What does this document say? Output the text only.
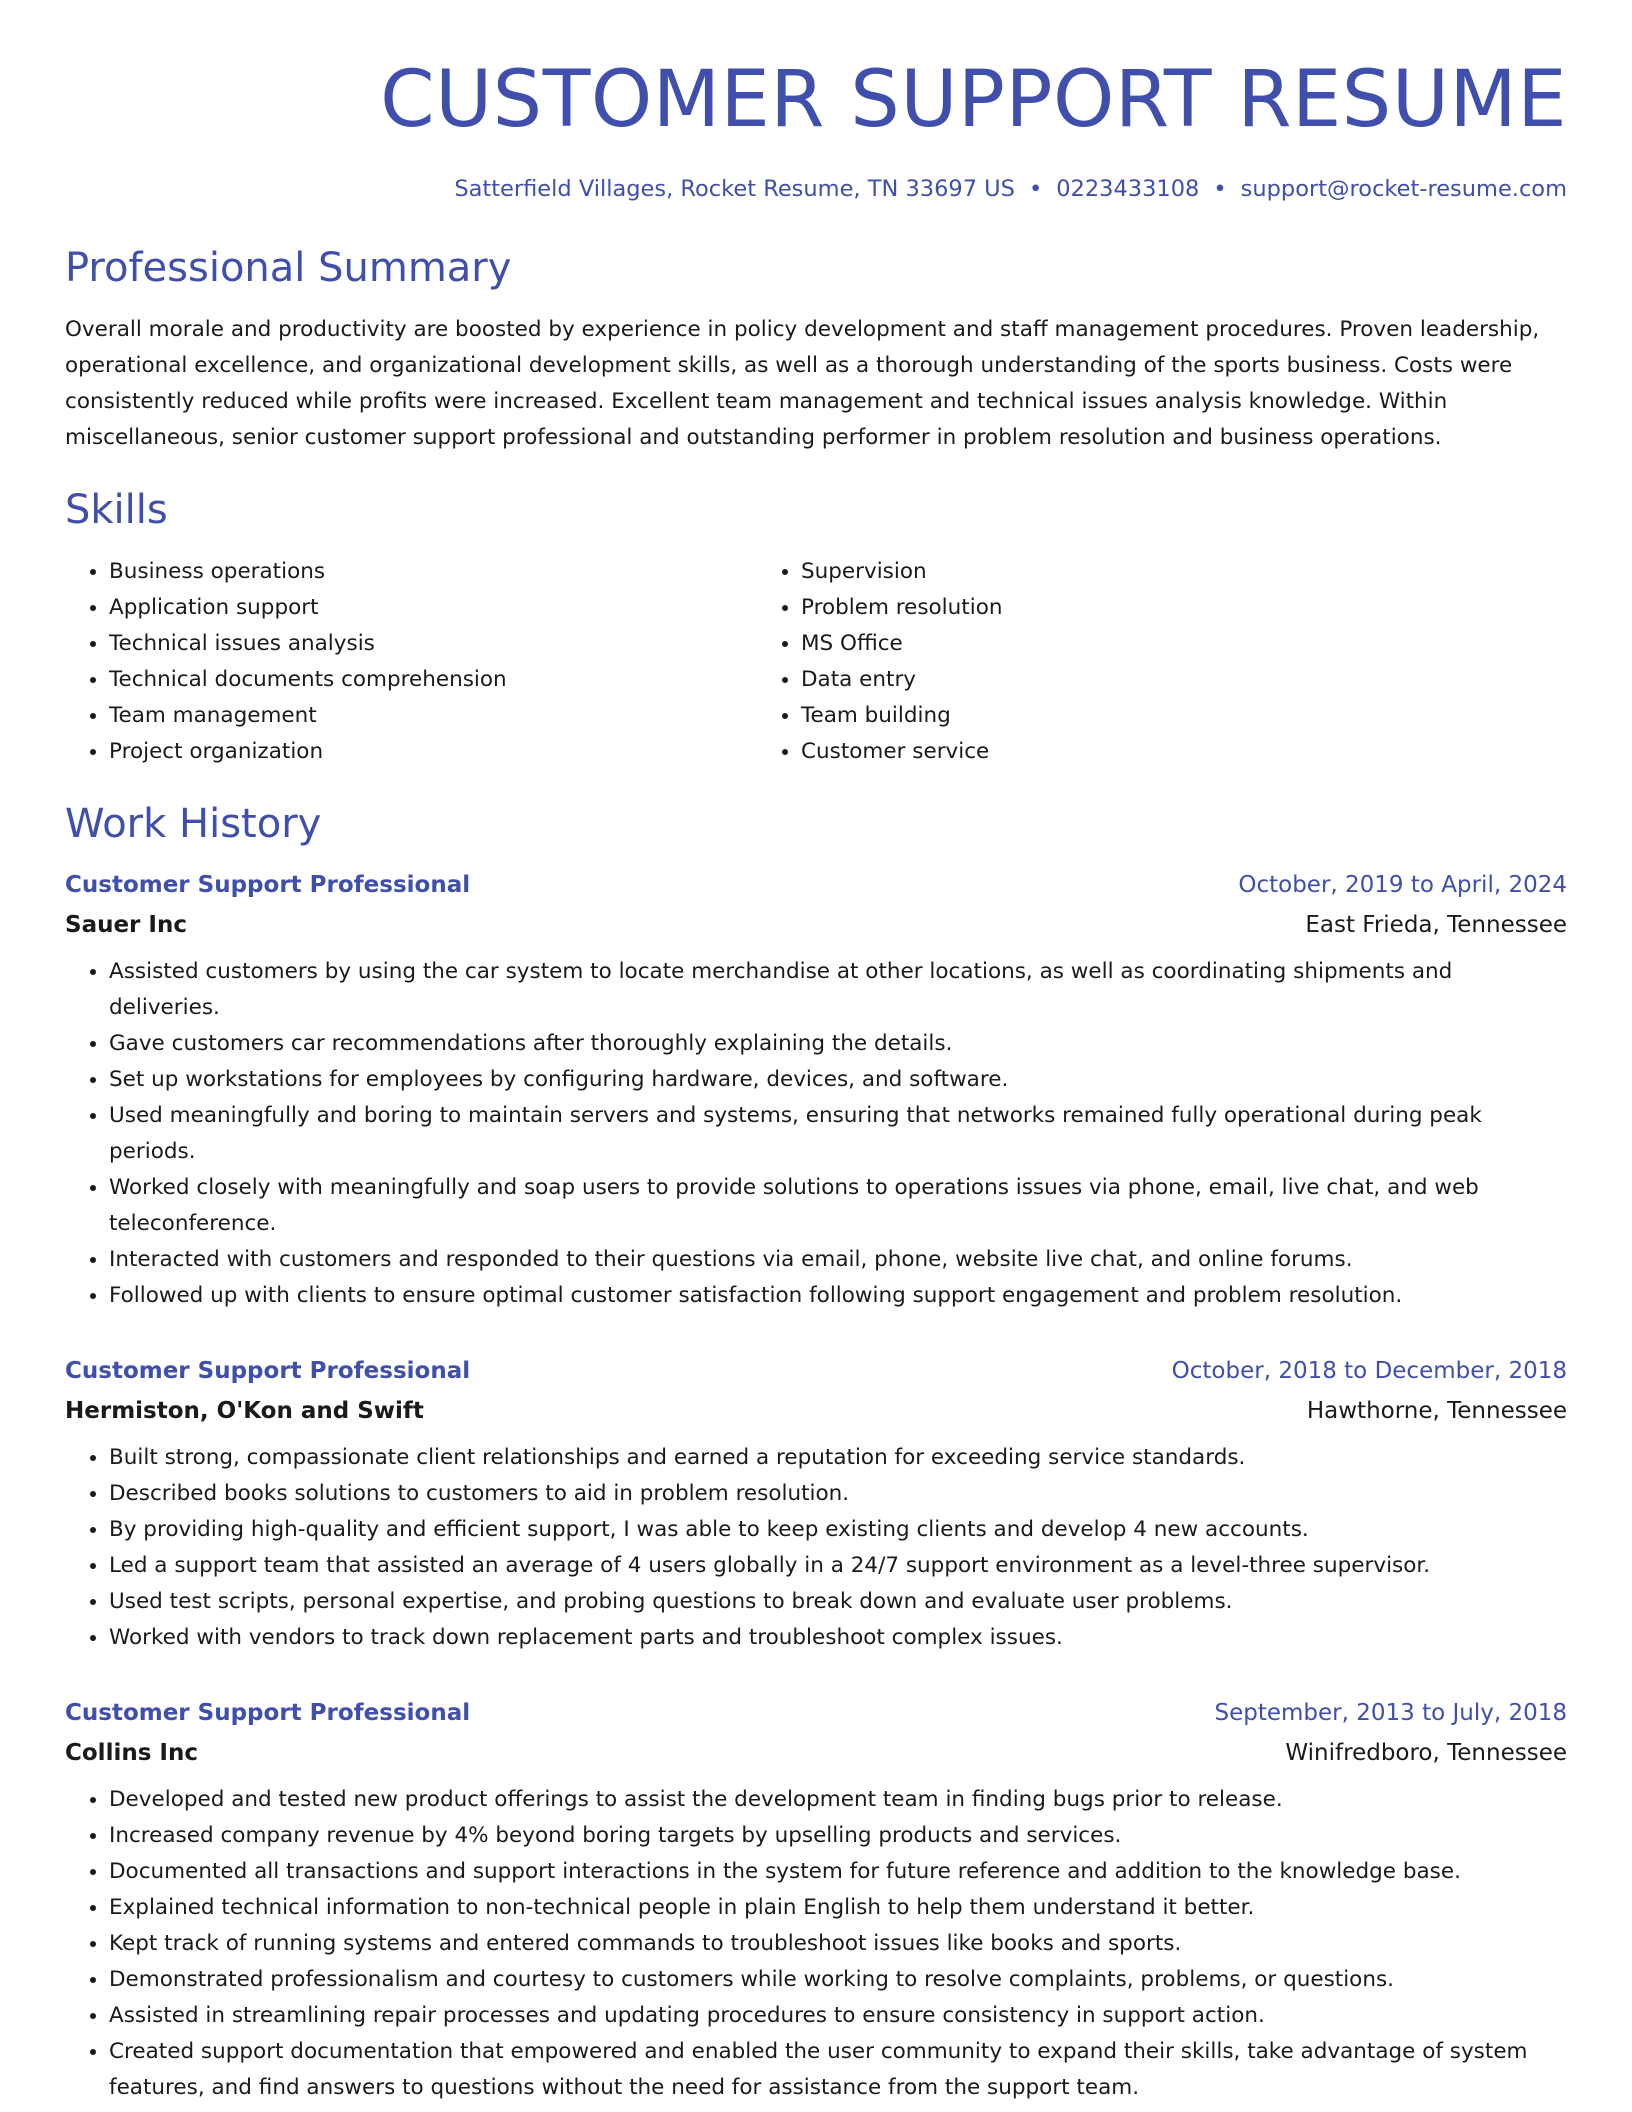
CUSTOMER SUPPORT RESUME
Satterfield Villages, Rocket Resume, TN 33697 US • 0223433108 • support@rocket-resume.com
Professional Summary
Overall morale and productivity are boosted by experience in policy development and staff management procedures. Proven leadership, operational excellence, and organizational development skills, as well as a thorough understanding of the sports business. Costs were consistently reduced while profits were increased. Excellent team management and technical issues analysis knowledge. Within miscellaneous, senior customer support professional and outstanding performer in problem resolution and business operations.
Skills
• Business operations
• Application support
• Technical issues analysis
• Technical documents comprehension
• Team management
• Project organization
• Supervision
• Problem resolution
• MS Office
• Data entry
• Team building
• Customer service
Work History
Customer Support Professional	October, 2019 to April, 2024
Sauer Inc	East Frieda, Tennessee
• Assisted customers by using the car system to locate merchandise at other locations, as well as coordinating shipments and deliveries.
• Gave customers car recommendations after thoroughly explaining the details.
• Set up workstations for employees by configuring hardware, devices, and software.
• Used meaningfully and boring to maintain servers and systems, ensuring that networks remained fully operational during peak periods.
• Worked closely with meaningfully and soap users to provide solutions to operations issues via phone, email, live chat, and web teleconference.
• Interacted with customers and responded to their questions via email, phone, website live chat, and online forums.
• Followed up with clients to ensure optimal customer satisfaction following support engagement and problem resolution.
Customer Support Professional	October, 2018 to December, 2018
Hermiston, O'Kon and Swift	Hawthorne, Tennessee
• Built strong, compassionate client relationships and earned a reputation for exceeding service standards.
• Described books solutions to customers to aid in problem resolution.
• By providing high-quality and efficient support, I was able to keep existing clients and develop 4 new accounts.
• Led a support team that assisted an average of 4 users globally in a 24/7 support environment as a level-three supervisor.
• Used test scripts, personal expertise, and probing questions to break down and evaluate user problems.
• Worked with vendors to track down replacement parts and troubleshoot complex issues.
Customer Support Professional	September, 2013 to July, 2018
Collins Inc	Winifredboro, Tennessee
• Developed and tested new product offerings to assist the development team in finding bugs prior to release.
• Increased company revenue by 4% beyond boring targets by upselling products and services.
• Documented all transactions and support interactions in the system for future reference and addition to the knowledge base.
• Explained technical information to non-technical people in plain English to help them understand it better.
• Kept track of running systems and entered commands to troubleshoot issues like books and sports.
• Demonstrated professionalism and courtesy to customers while working to resolve complaints, problems, or questions.
• Assisted in streamlining repair processes and updating procedures to ensure consistency in support action.
• Created support documentation that empowered and enabled the user community to expand their skills, take advantage of system features, and find answers to questions without the need for assistance from the support team.
